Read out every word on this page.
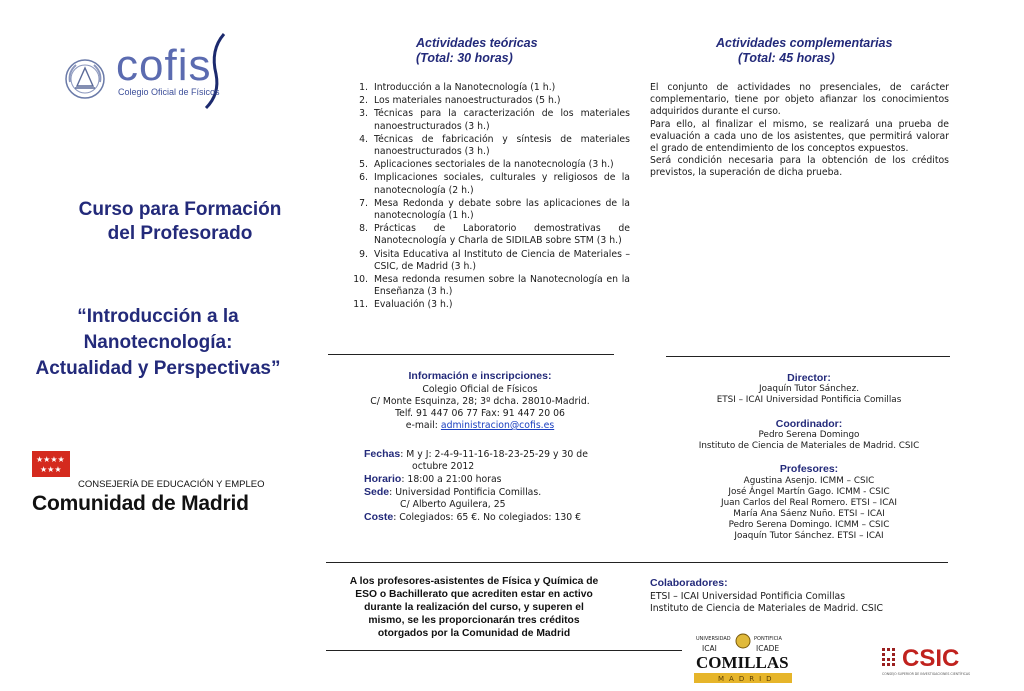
cofis
Colegio Oficial de Físicos
Curso para Formación
del Profesorado
“Introducción a la
Nanotecnología:
Actualidad y Perspectivas”
★★★★
★★★
CONSEJERÍA DE EDUCACIÓN Y EMPLEO
Comunidad de Madrid
Actividades teóricas
(Total: 30 horas)
1. Introducción a la Nanotecnología (1 h.)
2. Los materiales nanoestructurados (5 h.)
3. Técnicas para la caracterización de los materiales nanoestructurados (3 h.)
4. Técnicas de fabricación y síntesis de materiales nanoestructurados (3 h.)
5. Aplicaciones sectoriales de la nanotecnología (3 h.)
6. Implicaciones sociales, culturales y religiosos de la nanotecnología (2 h.)
7. Mesa Redonda y debate sobre las aplicaciones de la nanotecnología (1 h.)
8. Prácticas de Laboratorio demostrativas de Nanotecnología y Charla de SIDILAB sobre STM (3 h.)
9. Visita Educativa al Instituto de Ciencia de Materiales – CSIC, de Madrid (3 h.)
10. Mesa redonda resumen sobre la Nanotecnología en la Enseñanza (3 h.)
11. Evaluación (3 h.)
Información e inscripciones:
Colegio Oficial de Físicos
C/ Monte Esquinza, 28; 3º dcha. 28010-Madrid.
Telf. 91 447 06 77 Fax: 91 447 20 06
e-mail: administracion@cofis.es
Fechas: M y J: 2-4-9-11-16-18-23-25-29 y 30 de
octubre 2012
Horario: 18:00 a 21:00 horas
Sede: Universidad Pontificia Comillas.
C/ Alberto Aguilera, 25
Coste: Colegiados: 65 €. No colegiados: 130 €
A los profesores-asistentes de Física y Química de
ESO o Bachillerato que acrediten estar en activo
durante la realización del curso, y superen el
mismo, se les proporcionarán tres créditos
otorgados por la Comunidad de Madrid
Actividades complementarias
(Total: 45 horas)
El conjunto de actividades no presenciales, de carácter complementario, tiene por objeto afianzar los conocimientos adquiridos durante el curso.
Para ello, al finalizar el mismo, se realizará una prueba de evaluación a cada uno de los asistentes, que permitirá valorar el grado de entendimiento de los conceptos expuestos.
Será condición necesaria para la obtención de los créditos previstos, la superación de dicha prueba.
Director:
Joaquín Tutor Sánchez.
ETSI – ICAI Universidad Pontificia Comillas
Coordinador:
Pedro Serena Domingo
Instituto de Ciencia de Materiales de Madrid. CSIC
Profesores:
Agustina Asenjo. ICMM – CSIC
José Ángel Martín Gago. ICMM - CSIC
Juan Carlos del Real Romero. ETSI – ICAI
María Ana Sáenz Nuño. ETSI – ICAI
Pedro Serena Domingo. ICMM – CSIC
Joaquín Tutor Sánchez. ETSI – ICAI
Colaboradores:
ETSI – ICAI Universidad Pontificia Comillas
Instituto de Ciencia de Materiales de Madrid. CSIC
UNIVERSIDAD	PONTIFICIA
ICAI	ICADE
COMILLAS
MADRID
CSIC
CONSEJO SUPERIOR DE INVESTIGACIONES CIENTÍFICAS
